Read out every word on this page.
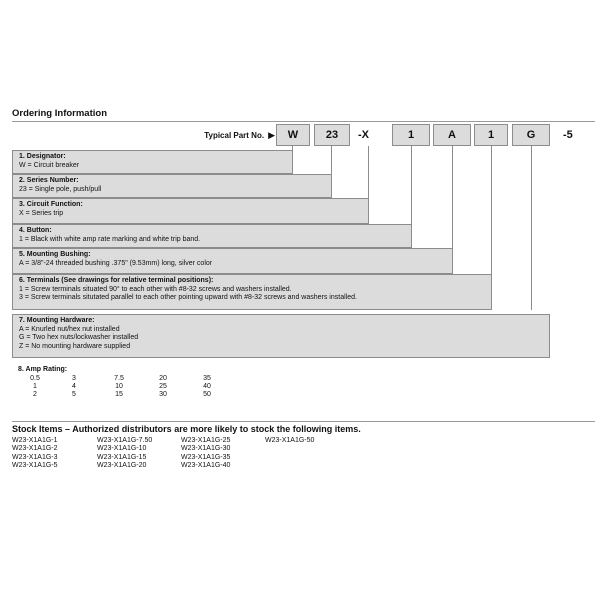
Ordering Information
Typical Part No. ▶	W	23	-X	1	A	1	G	-5
1. Designator:
W = Circuit breaker
2. Series Number:
23 = Single pole, push/pull
3. Circuit Function:
X = Series trip
4. Button:
1 = Black with white amp rate marking and white trip band.
5. Mounting Bushing:
A = 3/8"-24 threaded bushing .375" (9.53mm) long, silver color
6. Terminals (See drawings for relative terminal positions):
1 = Screw terminals situated 90° to each other with #8-32 screws and washers installed.
3 = Screw terminals situtated parallel to each other pointing upward with #8-32 screws and washers installed.
7. Mounting Hardware:
A = Knurled nut/hex nut installed
G = Two hex nuts/lockwasher installed
Z = No mounting hardware supplied
8. Amp Rating:
0.5	3	7.5	20	35
1	4	10	25	40
2	5	15	30	50
Stock Items – Authorized distributors are more likely to stock the following items.
W23-X1A1G-1
W23-X1A1G-2
W23-X1A1G-3
W23-X1A1G-5
W23-X1A1G-7.50
W23-X1A1G-10
W23-X1A1G-15
W23-X1A1G-20
W23-X1A1G-25
W23-X1A1G-30
W23-X1A1G-35
W23-X1A1G-40
W23-X1A1G-50
